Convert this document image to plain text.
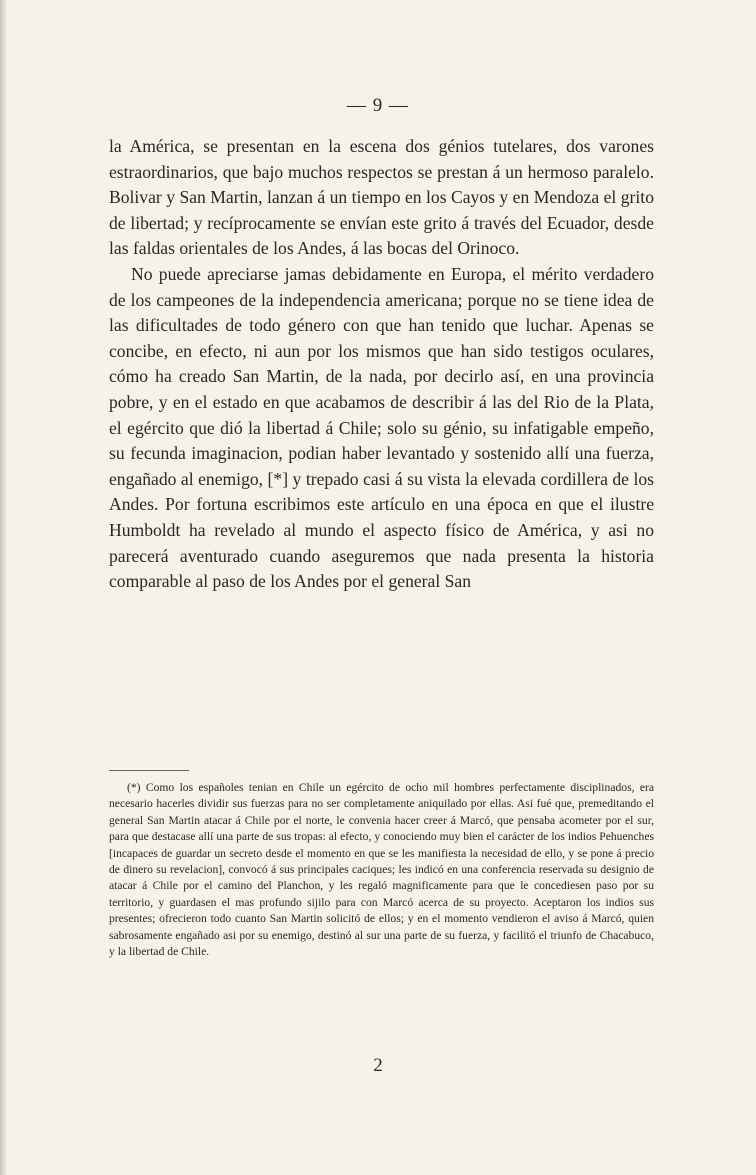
— 9 —

la América, se presentan en la escena dos génios tutelares, dos varones estraordinarios, que bajo muchos respectos se prestan á un hermoso paralelo. Bolivar y San Martin, lanzan á un tiempo en los Cayos y en Mendoza el grito de libertad; y recíprocamente se envían este grito á través del Ecuador, desde las faldas orientales de los Andes, á las bocas del Orinoco.

No puede apreciarse jamas debidamente en Europa, el mérito verdadero de los campeones de la independencia americana; porque no se tiene idea de las dificultades de todo género con que han tenido que luchar. Apenas se concibe, en efecto, ni aun por los mismos que han sido testigos oculares, cómo ha creado San Martin, de la nada, por decirlo así, en una provincia pobre, y en el estado en que acabamos de describir á las del Rio de la Plata, el egército que dió la libertad á Chile; solo su génio, su infatigable empeño, su fecunda imaginacion, podian haber levantado y sostenido allí una fuerza, engañado al enemigo, [*] y trepado casi á su vista la elevada cordillera de los Andes. Por fortuna escribimos este artículo en una época en que el ilustre Humboldt ha revelado al mundo el aspecto físico de América, y asi no parecerá aventurado cuando aseguremos que nada presenta la historia comparable al paso de los Andes por el general San

(*) Como los españoles tenian en Chile un egército de ocho mil hombres perfectamente disciplinados, era necesario hacerles dividir sus fuerzas para no ser completamente aniquilado por ellas. Asi fué que, premeditando el general San Martin atacar á Chile por el norte, le convenia hacer creer á Marcó, que pensaba acometer por el sur, para que destacase allí una parte de sus tropas: al efecto, y conociendo muy bien el carácter de los indios Pehuenches [incapaces de guardar un secreto desde el momento en que se les manifiesta la necesidad de ello, y se pone á precio de dinero su revelacion], convocó á sus principales caciques; les indicó en una conferencia reservada su designio de atacar á Chile por el camino del Planchon, y les regaló magnificamente para que le concediesen paso por su territorio, y guardasen el mas profundo sijilo para con Marcó acerca de su proyecto. Aceptaron los indios sus presentes; ofrecieron todo cuanto San Martin solicitó de ellos; y en el momento vendieron el aviso á Marcó, quien sabrosamente engañado asi por su enemigo, destinó al sur una parte de su fuerza, y facilitó el triunfo de Chacabuco, y la libertad de Chile.

2
